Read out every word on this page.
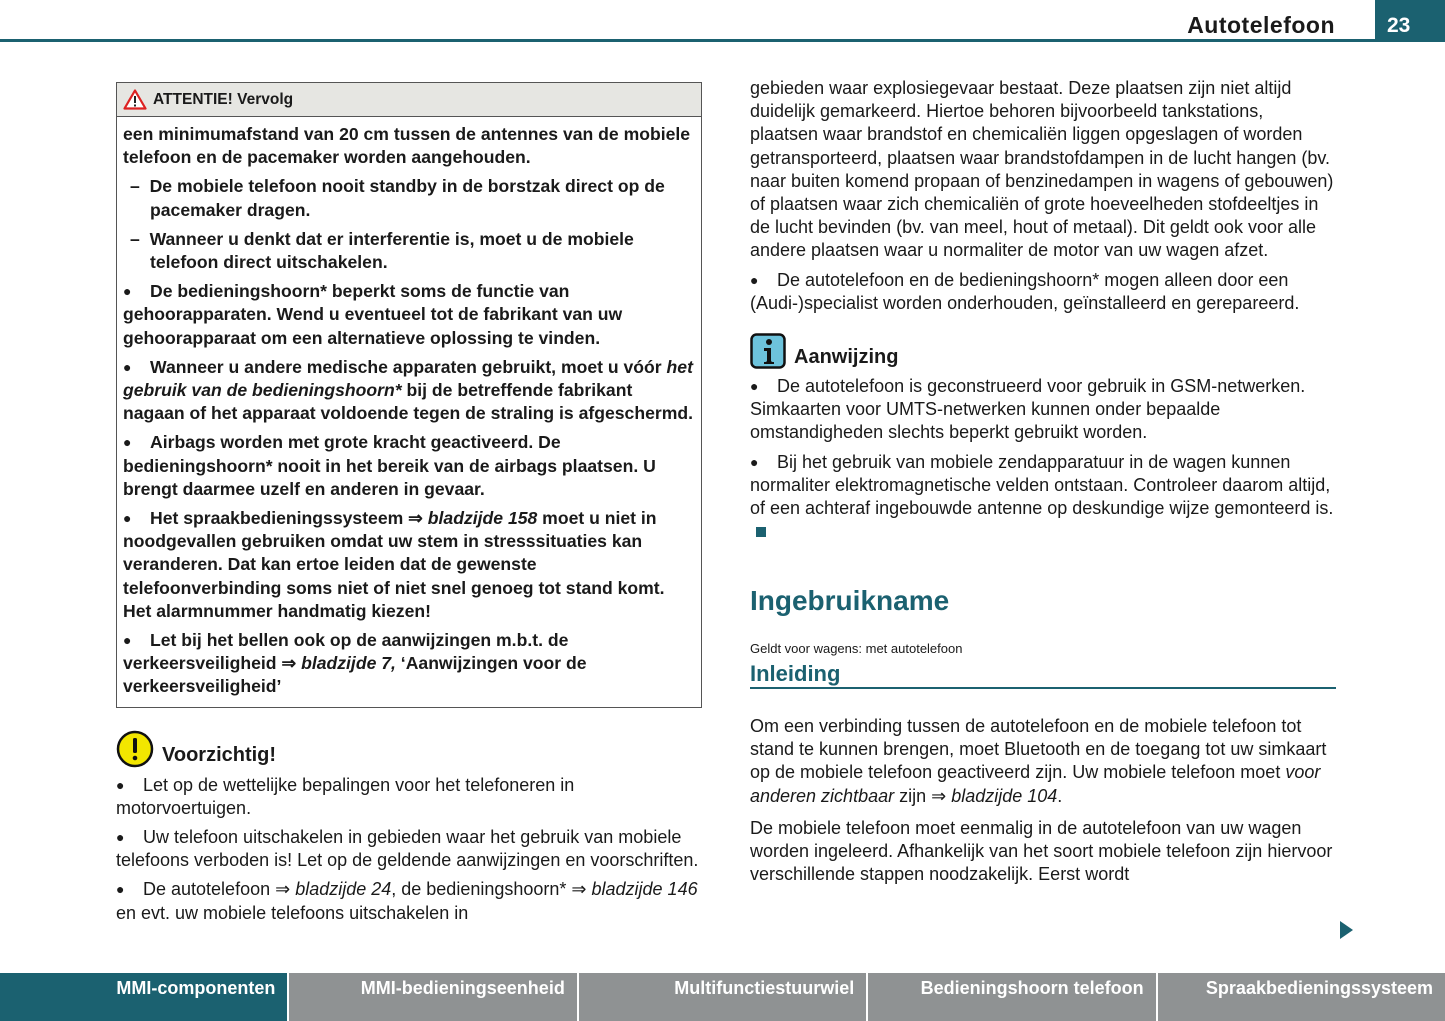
Autotelefoon	23
ATTENTIE! Vervolg

een minimumafstand van 20 cm tussen de antennes van de mobiele telefoon en de pacemaker worden aangehouden.

–  De mobiele telefoon nooit standby in de borstzak direct op de pacemaker dragen.

–  Wanneer u denkt dat er interferentie is, moet u de mobiele telefoon direct uitschakelen.

● De bedieningshoorn* beperkt soms de functie van gehoorapparaten. Wend u eventueel tot de fabrikant van uw gehoorapparaat om een alternatieve oplossing te vinden.

● Wanneer u andere medische apparaten gebruikt, moet u vóór het gebruik van de bedieningshoorn* bij de betreffende fabrikant nagaan of het apparaat voldoende tegen de straling is afgeschermd.

● Airbags worden met grote kracht geactiveerd. De bedieningshoorn* nooit in het bereik van de airbags plaatsen. U brengt daarmee uzelf en anderen in gevaar.

● Het spraakbedieningssysteem ⇒ bladzijde 158 moet u niet in noodgevallen gebruiken omdat uw stem in stresssituaties kan veranderen. Dat kan ertoe leiden dat de gewenste telefoonverbinding soms niet of niet snel genoeg tot stand komt. Het alarmnummer handmatig kiezen!

● Let bij het bellen ook op de aanwijzingen m.b.t. de verkeersveiligheid ⇒ bladzijde 7, ‘Aanwijzingen voor de verkeersveiligheid’

Voorzichtig!

● Let op de wettelijke bepalingen voor het telefoneren in motorvoertuigen.

● Uw telefoon uitschakelen in gebieden waar het gebruik van mobiele telefoons verboden is! Let op de geldende aanwijzingen en voorschriften.

● De autotelefoon ⇒ bladzijde 24, de bedieningshoorn* ⇒ bladzijde 146 en evt. uw mobiele telefoons uitschakelen in

gebieden waar explosiegevaar bestaat. Deze plaatsen zijn niet altijd duidelijk gemarkeerd. Hiertoe behoren bijvoorbeeld tankstations, plaatsen waar brandstof en chemicaliën liggen opgeslagen of worden getransporteerd, plaatsen waar brandstofdampen in de lucht hangen (bv. naar buiten komend propaan of benzinedampen in wagens of gebouwen) of plaatsen waar zich chemicaliën of grote hoeveelheden stofdeeltjes in de lucht bevinden (bv. van meel, hout of metaal). Dit geldt ook voor alle andere plaatsen waar u normaliter de motor van uw wagen afzet.

● De autotelefoon en de bedieningshoorn* mogen alleen door een (Audi-)specialist worden onderhouden, geïnstalleerd en gerepareerd.

Aanwijzing

● De autotelefoon is geconstrueerd voor gebruik in GSM-netwerken. Simkaarten voor UMTS-netwerken kunnen onder bepaalde omstandigheden slechts beperkt gebruikt worden.

● Bij het gebruik van mobiele zendapparatuur in de wagen kunnen normaliter elektromagnetische velden ontstaan. Controleer daarom altijd, of een achteraf ingebouwde antenne op deskundige wijze gemonteerd is.

Ingebruikname
Geldt voor wagens: met autotelefoon
Inleiding

Om een verbinding tussen de autotelefoon en de mobiele telefoon tot stand te kunnen brengen, moet Bluetooth en de toegang tot uw simkaart op de mobiele telefoon geactiveerd zijn. Uw mobiele telefoon moet voor anderen zichtbaar zijn ⇒ bladzijde 104.

De mobiele telefoon moet eenmalig in de autotelefoon van uw wagen worden ingeleerd. Afhankelijk van het soort mobiele telefoon zijn hiervoor verschillende stappen noodzakelijk. Eerst wordt

MMI-componenten	MMI-bedieningseenheid	Multifunctiestuurwiel	Bedieningshoorn telefoon	Spraakbedieningssysteem
